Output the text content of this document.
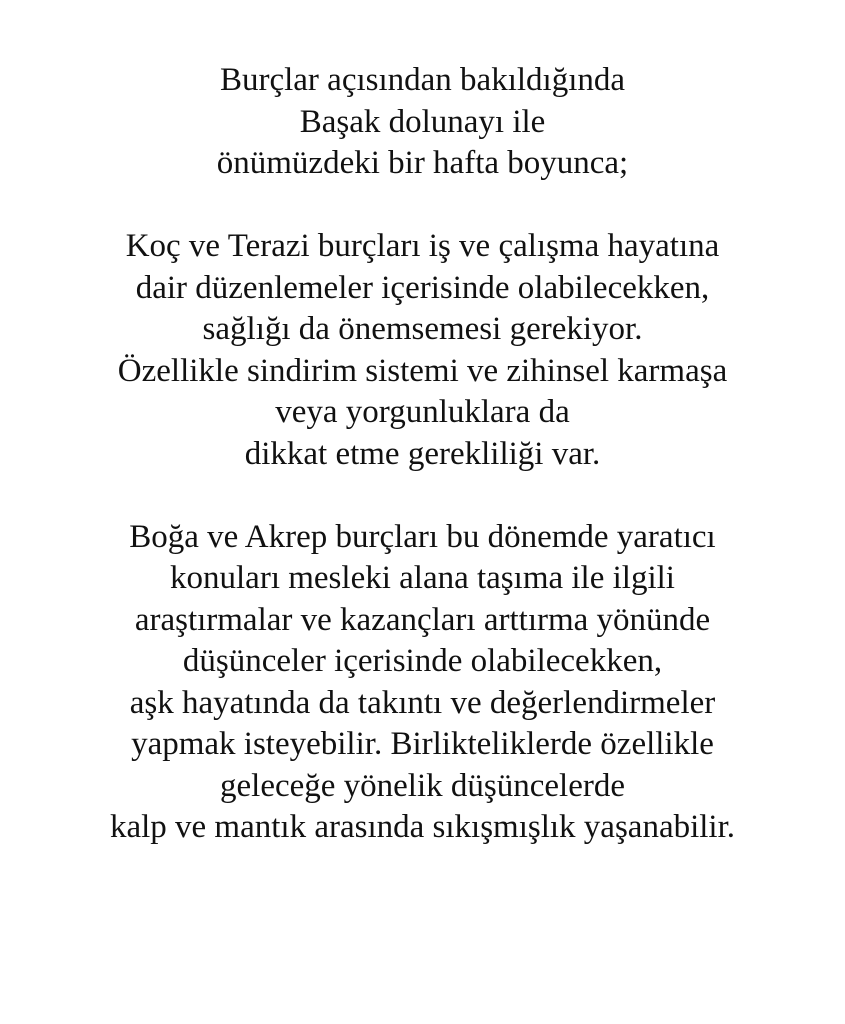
Burçlar açısından bakıldığında
Başak dolunayı ile
önümüzdeki bir hafta boyunca;

Koç ve Terazi burçları iş ve çalışma hayatına
dair düzenlemeler içerisinde olabilecekken,
sağlığı da önemsemesi gerekiyor.
Özellikle sindirim sistemi ve zihinsel karmaşa
veya yorgunluklara da
dikkat etme gerekliliği var.

Boğa ve Akrep burçları bu dönemde yaratıcı
konuları mesleki alana taşıma ile ilgili
araştırmalar ve kazançları arttırma yönünde
düşünceler içerisinde olabilecekken,
aşk hayatında da takıntı ve değerlendirmeler
yapmak isteyebilir. Birlikteliklerde özellikle
geleceğe yönelik düşüncelerde
kalp ve mantık arasında sıkışmışlık yaşanabilir.
